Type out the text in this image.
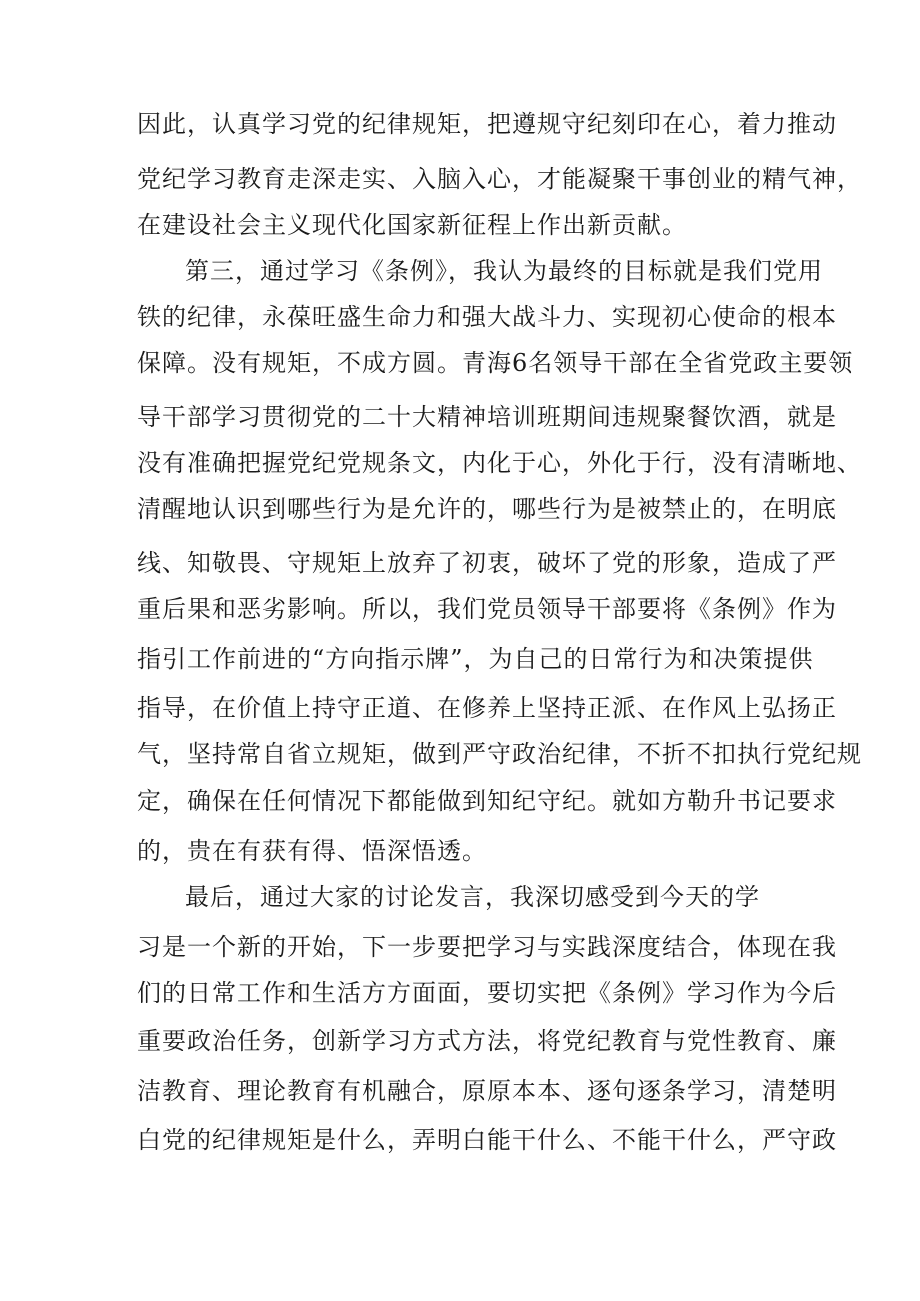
因此，认真学习党的纪律规矩，把遵规守纪刻印在心，着力推动
党纪学习教育走深走实、入脑入心，才能凝聚干事创业的精气神，
在建设社会主义现代化国家新征程上作出新贡献。
第三，通过学习《条例》，我认为最终的目标就是我们党用
铁的纪律，永葆旺盛生命力和强大战斗力、实现初心使命的根本
保障。没有规矩，不成方圆。青海6名领导干部在全省党政主要领
导干部学习贯彻党的二十大精神培训班期间违规聚餐饮酒，就是
没有准确把握党纪党规条文，内化于心，外化于行，没有清晰地、
清醒地认识到哪些行为是允许的，哪些行为是被禁止的，在明底
线、知敬畏、守规矩上放弃了初衷，破坏了党的形象，造成了严
重后果和恶劣影响。所以，我们党员领导干部要将《条例》作为
指引工作前进的“方向指示牌”，为自己的日常行为和决策提供
指导，在价值上持守正道、在修养上坚持正派、在作风上弘扬正
气，坚持常自省立规矩，做到严守政治纪律，不折不扣执行党纪规
定，确保在任何情况下都能做到知纪守纪。就如方勒升书记要求
的，贵在有获有得、悟深悟透。
最后，通过大家的讨论发言，我深切感受到今天的学
习是一个新的开始，下一步要把学习与实践深度结合，体现在我
们的日常工作和生活方方面面，要切实把《条例》学习作为今后
重要政治任务，创新学习方式方法，将党纪教育与党性教育、廉
洁教育、理论教育有机融合，原原本本、逐句逐条学习，清楚明
白党的纪律规矩是什么，弄明白能干什么、不能干什么，严守政
